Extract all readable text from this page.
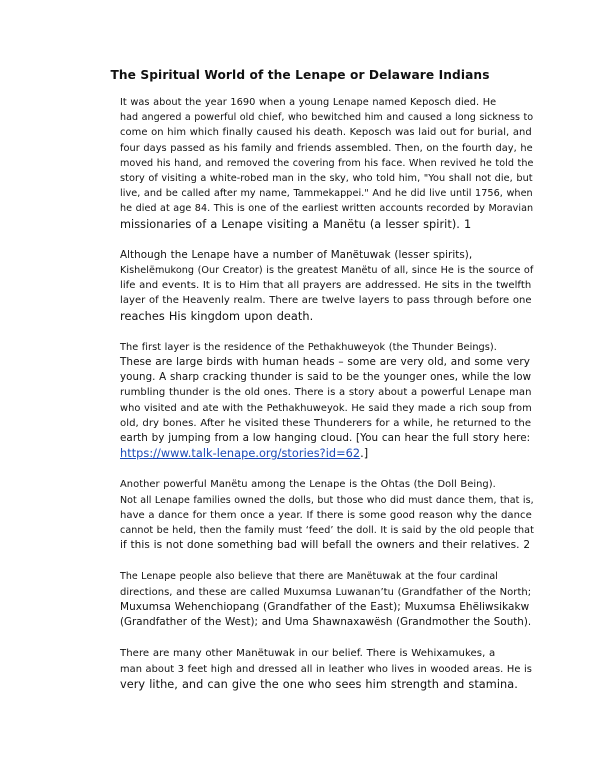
The Spiritual World of the Lenape or Delaware Indians

It was about the year 1690 when a young Lenape named Keposch died. He
had angered a powerful old chief, who bewitched him and caused a long sickness to
come on him which finally caused his death. Keposch was laid out for burial, and
four days passed as his family and friends assembled. Then, on the fourth day, he
moved his hand, and removed the covering from his face. When revived he told the
story of visiting a white-robed man in the sky, who told him, "You shall not die, but
live, and be called after my name, Tammekappei." And he did live until 1756, when
he died at age 84. This is one of the earliest written accounts recorded by Moravian
missionaries of a Lenape visiting a Manëtu (a lesser spirit). 1

Although the Lenape have a number of Manëtuwak (lesser spirits),
Kishelëmukong (Our Creator) is the greatest Manëtu of all, since He is the source of
life and events. It is to Him that all prayers are addressed. He sits in the twelfth
layer of the Heavenly realm. There are twelve layers to pass through before one
reaches His kingdom upon death.

The first layer is the residence of the Pethakhuweyok (the Thunder Beings).
These are large birds with human heads – some are very old, and some very
young. A sharp cracking thunder is said to be the younger ones, while the low
rumbling thunder is the old ones. There is a story about a powerful Lenape man
who visited and ate with the Pethakhuweyok. He said they made a rich soup from
old, dry bones. After he visited these Thunderers for a while, he returned to the
earth by jumping from a low hanging cloud. [You can hear the full story here:
https://www.talk-lenape.org/stories?id=62.]

Another powerful Manëtu among the Lenape is the Ohtas (the Doll Being).
Not all Lenape families owned the dolls, but those who did must dance them, that is,
have a dance for them once a year. If there is some good reason why the dance
cannot be held, then the family must ‘feed’ the doll. It is said by the old people that
if this is not done something bad will befall the owners and their relatives. 2

The Lenape people also believe that there are Manëtuwak at the four cardinal
directions, and these are called Muxumsa Luwanan’tu (Grandfather of the North;
Muxumsa Wehenchiopang (Grandfather of the East); Muxumsa Ehëliwsikakw
(Grandfather of the West); and Uma Shawnaxawësh (Grandmother the South).

There are many other Manëtuwak in our belief. There is Wehixamukes, a
man about 3 feet high and dressed all in leather who lives in wooded areas. He is
very lithe, and can give the one who sees him strength and stamina.
